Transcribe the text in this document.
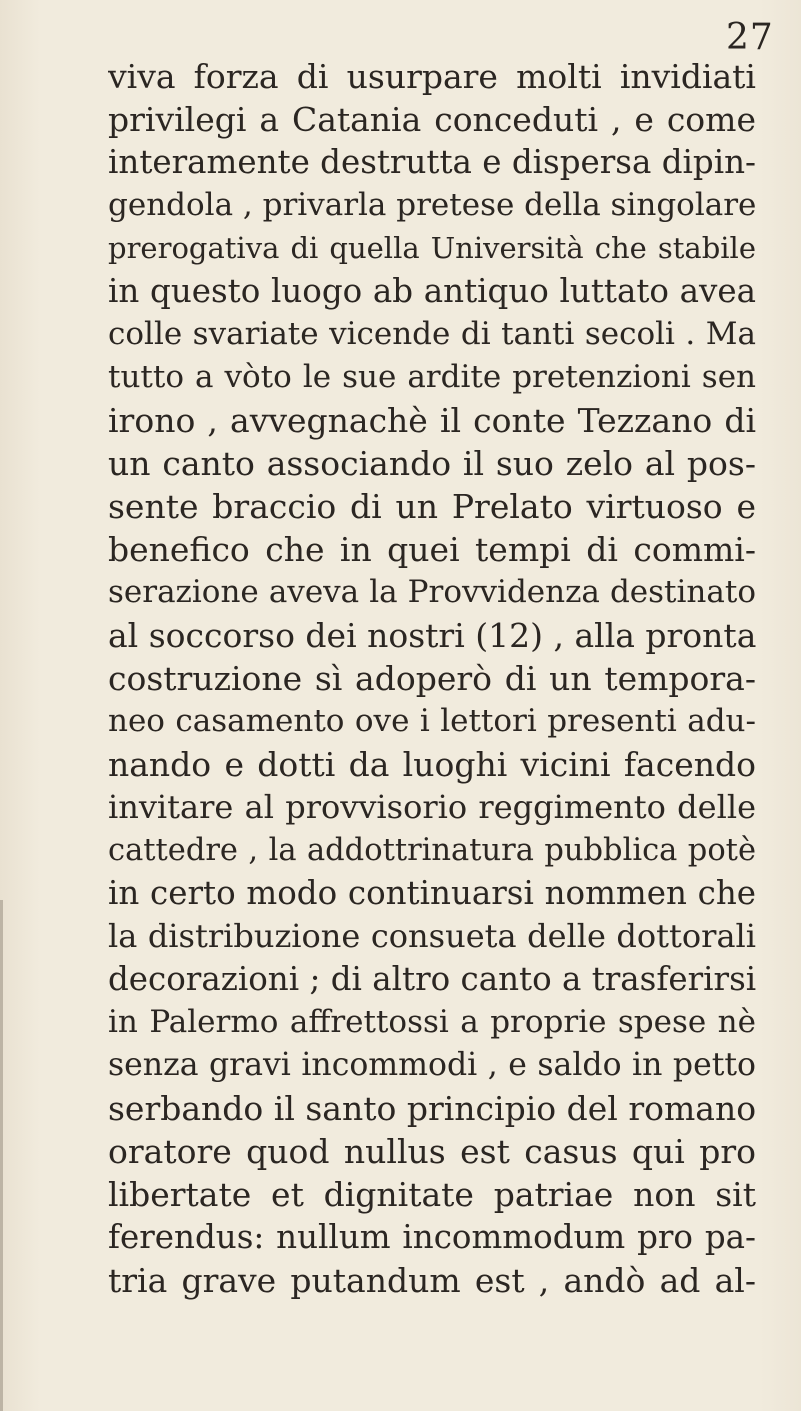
27
viva forza di usurpare molti invidiati
privilegi a Catania conceduti , e come
interamente destrutta e dispersa dipin-
gendola , privarla pretese della singolare
prerogativa di quella Università che stabile
in questo luogo ab antiquo luttato avea
colle svariate vicende di tanti secoli . Ma
tutto a vòto le sue ardite pretenzioni sen
irono , avvegnachè il conte Tezzano di
un canto associando il suo zelo al pos-
sente braccio di un Prelato virtuoso e
benefico che in quei tempi di commi-
serazione aveva la Provvidenza destinato
al soccorso dei nostri (12) , alla pronta
costruzione sì adoperò di un tempora-
neo casamento ove i lettori presenti adu-
nando e dotti da luoghi vicini facendo
invitare al provvisorio reggimento delle
cattedre , la addottrinatura pubblica potè
in certo modo continuarsi nommen che
la distribuzione consueta delle dottorali
decorazioni ; di altro canto a trasferirsi
in Palermo affrettossi a proprie spese nè
senza gravi incommodi , e saldo in petto
serbando il santo principio del romano
oratore quod nullus est casus qui pro
libertate et dignitate patriae non sit
ferendus: nullum incommodum pro pa-
tria grave putandum est , andò ad al-
